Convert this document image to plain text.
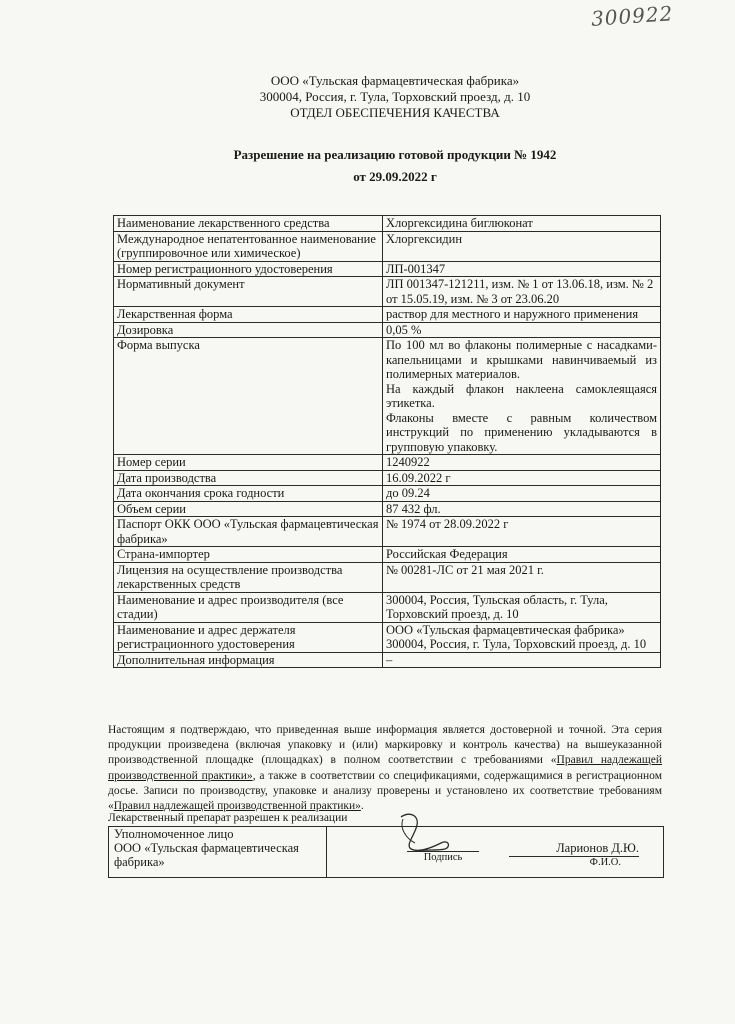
300922
ООО «Тульская фармацевтическая фабрика»
300004, Россия, г. Тула, Торховский проезд, д. 10
ОТДЕЛ ОБЕСПЕЧЕНИЯ КАЧЕСТВА
Разрешение на реализацию готовой продукции № 1942
от 29.09.2022 г
Наименование лекарственного средства	Хлоргексидина биглюконат
Международное непатентованное наименование (группировочное или химическое)	Хлоргексидин
Номер регистрационного удостоверения	ЛП-001347
Нормативный документ	ЛП 001347-121211, изм. № 1 от 13.06.18, изм. № 2 от 15.05.19, изм. № 3 от 23.06.20
Лекарственная форма	раствор для местного и наружного применения
Дозировка	0,05 %
Форма выпуска	По 100 мл во флаконы полимерные с насадками-капельницами и крышками навинчиваемый из полимерных материалов.
На каждый флакон наклеена самоклеящаяся этикетка.
Флаконы вместе с равным количеством инструкций по применению укладываются в групповую упаковку.

Номер серии	1240922
Дата производства	16.09.2022 г
Дата окончания срока годности	до 09.24
Объем серии	87 432 фл.
Паспорт ОКК ООО «Тульская фармацевтическая фабрика»	№ 1974 от 28.09.2022 г
Страна-импортер	Российская Федерация
Лицензия на осуществление производства лекарственных средств	№ 00281-ЛС от 21 мая 2021 г.
Наименование и адрес производителя (все стадии)	300004, Россия, Тульская область, г. Тула, Торховский проезд, д. 10
Наименование и адрес держателя регистрационного удостоверения	ООО «Тульская фармацевтическая фабрика» 300004, Россия, г. Тула, Торховский проезд, д. 10
Дополнительная информация	–
Настоящим я подтверждаю, что приведенная выше информация является достоверной и точной. Эта серия продукции произведена (включая упаковку и (или) маркировку и контроль качества) на вышеуказанной производственной площадке (площадках) в полном соответствии с требованиями «Правил надлежащей производственной практики», а также в соответствии со спецификациями, содержащимися в регистрационном досье. Записи по производству, упаковке и анализу проверены и установлено их соответствие требованиям «Правил надлежащей производственной практики».
Лекарственный препарат разрешен к реализации
Уполномоченное лицо
ООО «Тульская фармацевтическая фабрика»	Подпись
Ларионов Д.Ю.
Ф.И.О.
